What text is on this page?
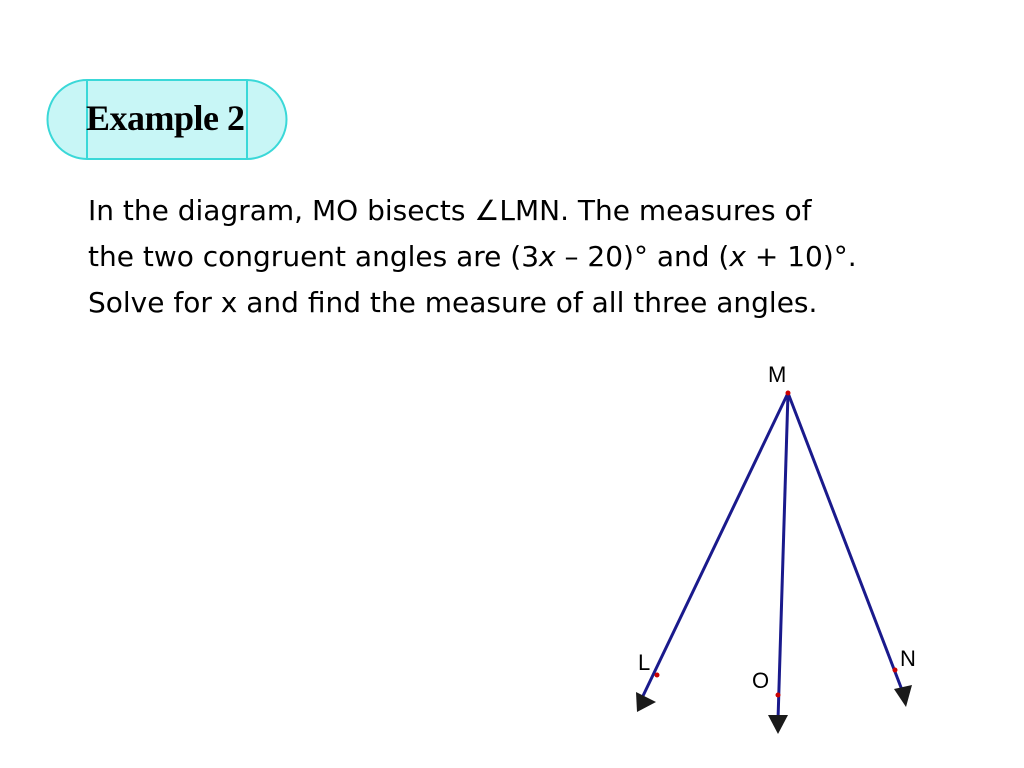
Example 2
In the diagram, MO bisects ∠LMN. The measures of
the two congruent angles are (3x – 20)° and (x + 10)°.
Solve for x and find the measure of all three angles.
M
L
O
N
